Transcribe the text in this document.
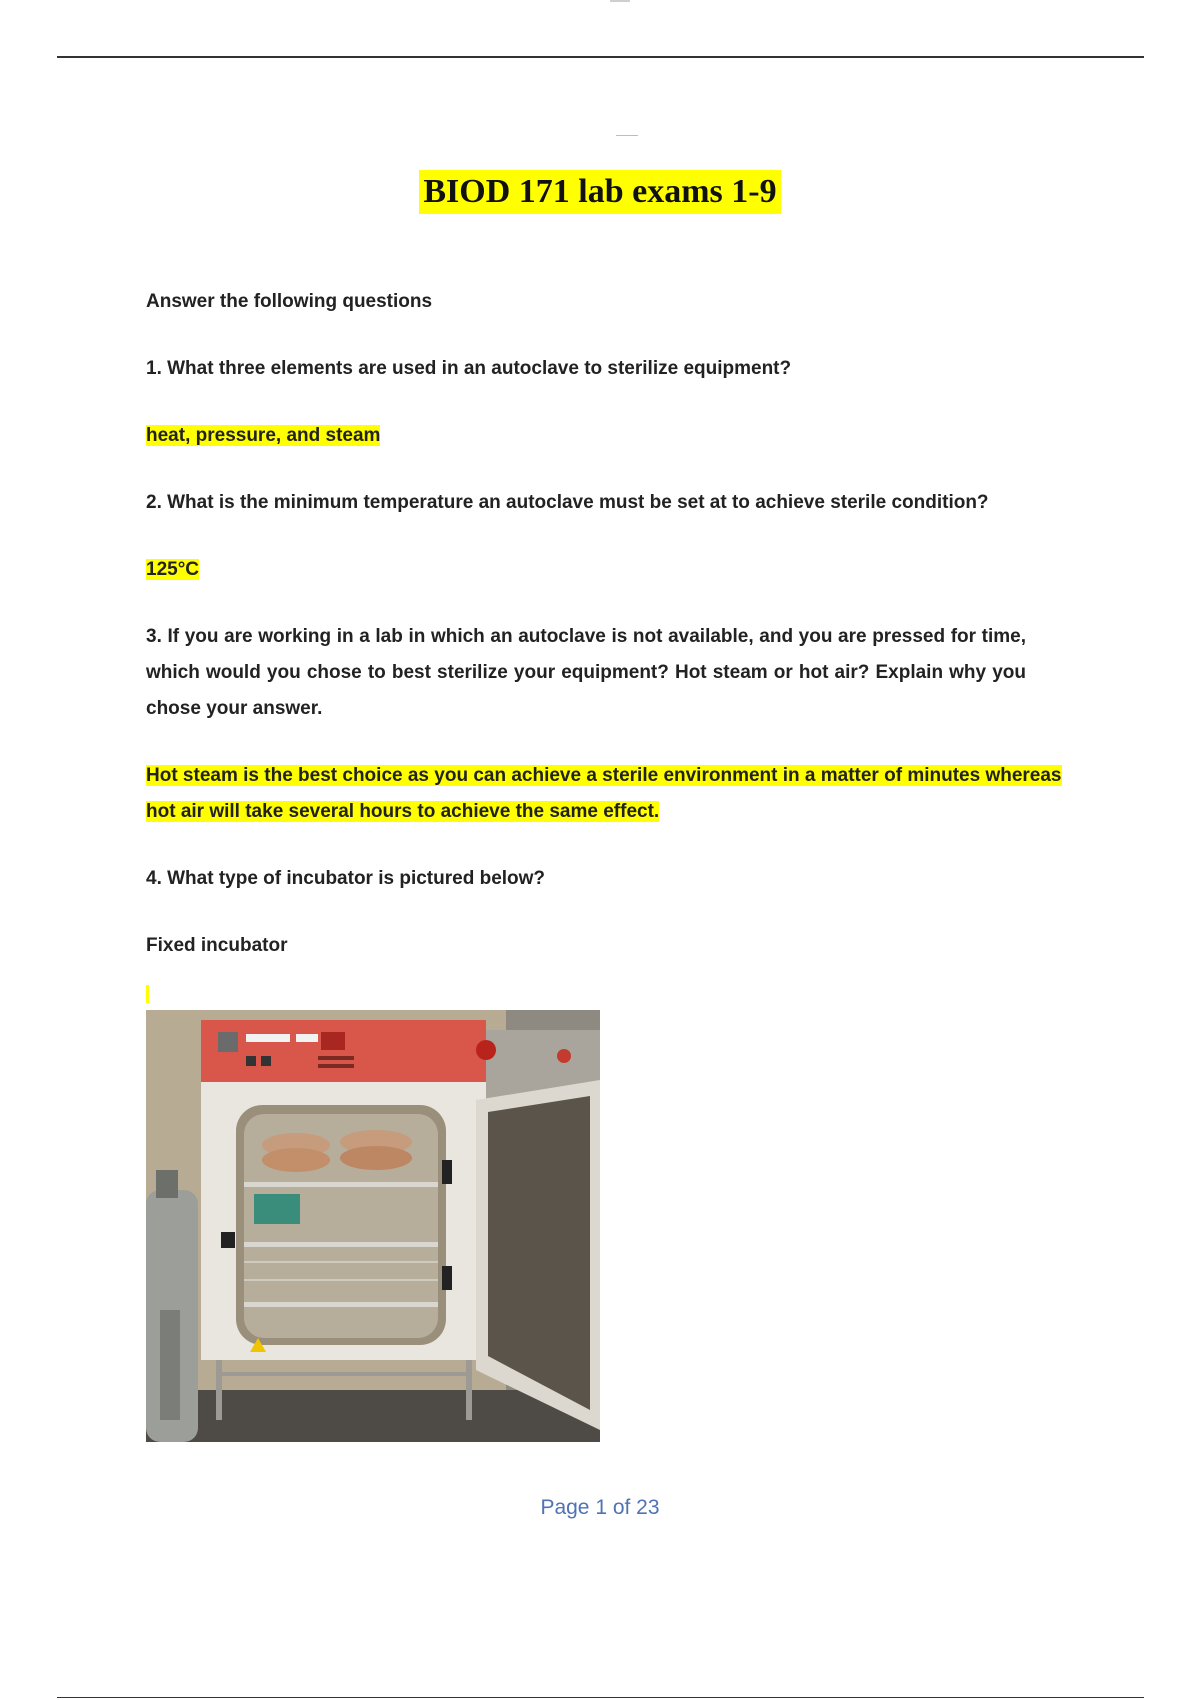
BIOD 171 lab exams 1-9

Answer the following questions

1. What three elements are used in an autoclave to sterilize equipment?

heat, pressure, and steam

2. What is the minimum temperature an autoclave must be set at to achieve sterile condition?

125°C

3. If you are working in a lab in which an autoclave is not available, and you are pressed for time, which would you chose to best sterilize your equipment? Hot steam or hot air? Explain why you chose your answer.

Hot steam is the best choice as you can achieve a sterile environment in a matter of minutes whereas hot air will take several hours to achieve the same effect.

4. What type of incubator is pictured below?

Fixed incubator

Page 1 of 23
